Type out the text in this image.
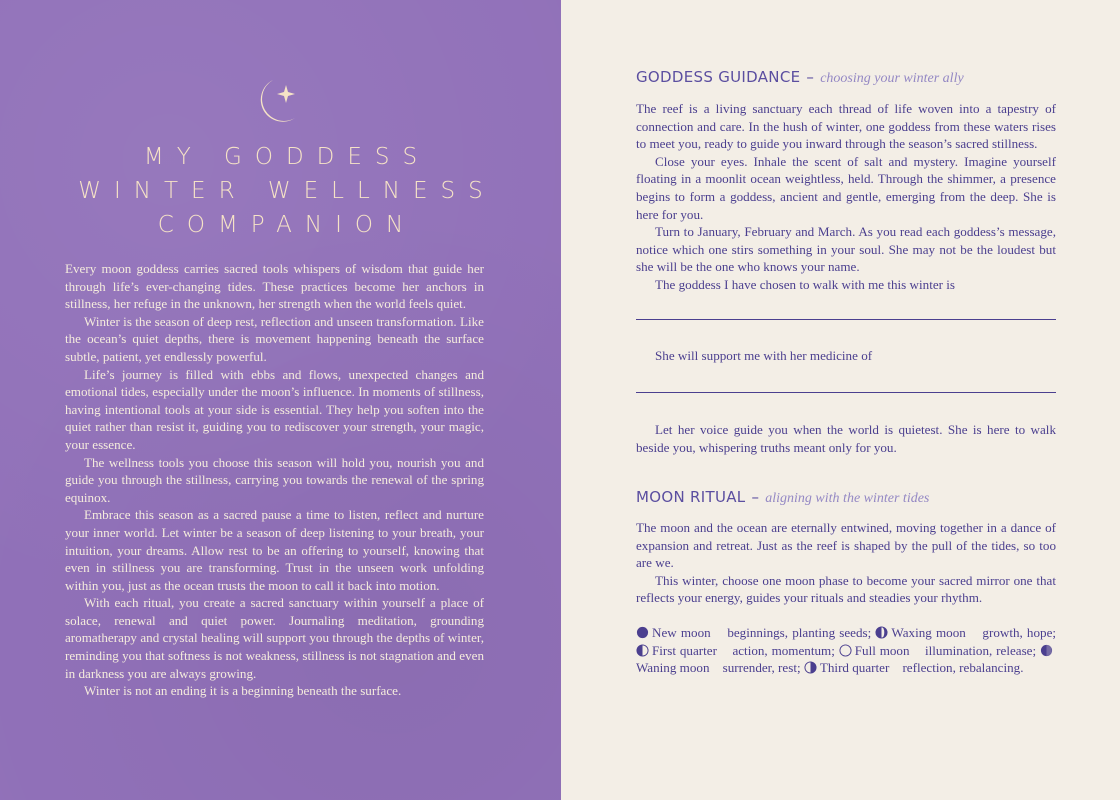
MY GODDESS
WINTER WELLNESS
COMPANION

Every moon goddess carries sacred tools whispers of wisdom that guide her through life’s ever-changing tides. These practices become her anchors in stillness, her refuge in the unknown, her strength when the world feels quiet.

Winter is the season of deep rest, reflection and unseen transformation. Like the ocean’s quiet depths, there is movement happening beneath the surface subtle, patient, yet endlessly powerful.

Life’s journey is filled with ebbs and flows, unexpected changes and emotional tides, especially under the moon’s influence. In moments of stillness, having intentional tools at your side is essential. They help you soften into the quiet rather than resist it, guiding you to rediscover your strength, your magic, your essence.

The wellness tools you choose this season will hold you, nourish you and guide you through the stillness, carrying you towards the renewal of the spring equinox.

Embrace this season as a sacred pause a time to listen, reflect and nurture your inner world. Let winter be a season of deep listening to your breath, your intuition, your dreams. Allow rest to be an offering to yourself, knowing that even in stillness you are transforming. Trust in the unseen work unfolding within you, just as the ocean trusts the moon to call it back into motion.

With each ritual, you create a sacred sanctuary within yourself a place of solace, renewal and quiet power. Journaling meditation, grounding aromatherapy and crystal healing will support you through the depths of winter, reminding you that softness is not weakness, stillness is not stagnation and even in darkness you are always growing.

Winter is not an ending it is a beginning beneath the surface.

GODDESS GUIDANCE – choosing your winter ally

The reef is a living sanctuary each thread of life woven into a tapestry of connection and care. In the hush of winter, one goddess from these waters rises to meet you, ready to guide you inward through the season’s sacred stillness.

Close your eyes. Inhale the scent of salt and mystery. Imagine yourself floating in a moonlit ocean weightless, held. Through the shimmer, a presence begins to form a goddess, ancient and gentle, emerging from the deep. She is here for you.

Turn to January, February and March. As you read each goddess’s message, notice which one stirs something in your soul. She may not be the loudest but she will be the one who knows your name.

The goddess I have chosen to walk with me this winter is

She will support me with her medicine of

Let her voice guide you when the world is quietest. She is here to walk beside you, whispering truths meant only for you.

MOON RITUAL – aligning with the winter tides

The moon and the ocean are eternally entwined, moving together in a dance of expansion and retreat. Just as the reef is shaped by the pull of the tides, so too are we.

This winter, choose one moon phase to become your sacred mirror one that reflects your energy, guides your rituals and steadies your rhythm.

New moon beginnings, planting seeds; Waxing moon growth, hope; First quarter action, momentum; Full moon illumination, release; Waning moon surrender, rest; Third quarter reflection, rebalancing.
